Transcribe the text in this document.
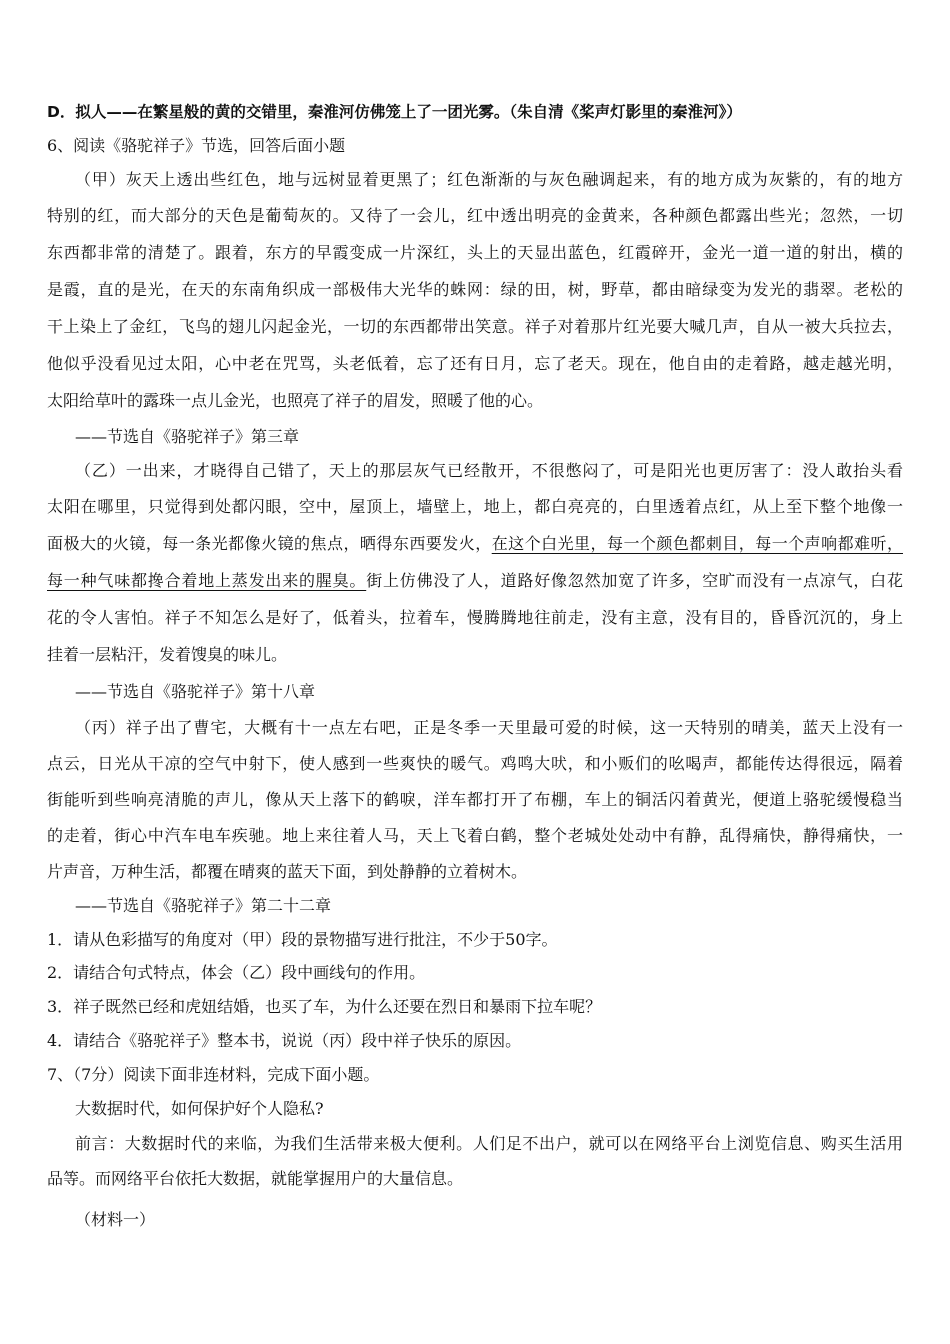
D．拟人——在繁星般的黄的交错里，秦淮河仿佛笼上了一团光雾。（朱自清《桨声灯影里的秦淮河》）
6、阅读《骆驼祥子》节选，回答后面小题
（甲）灰天上透出些红色，地与远树显着更黑了；红色渐渐的与灰色融调起来，有的地方成为灰紫的，有的地方
特别的红，而大部分的天色是葡萄灰的。又待了一会儿，红中透出明亮的金黄来，各种颜色都露出些光；忽然，一切
东西都非常的清楚了。跟着，东方的早霞变成一片深红，头上的天显出蓝色，红霞碎开，金光一道一道的射出，横的
是霞，直的是光，在天的东南角织成一部极伟大光华的蛛网：绿的田，树，野草，都由暗绿变为发光的翡翠。老松的
干上染上了金红，飞鸟的翅儿闪起金光，一切的东西都带出笑意。祥子对着那片红光要大喊几声，自从一被大兵拉去，
他似乎没看见过太阳，心中老在咒骂，头老低着，忘了还有日月，忘了老天。现在，他自由的走着路，越走越光明，
太阳给草叶的露珠一点儿金光，也照亮了祥子的眉发，照暖了他的心。
——节选自《骆驼祥子》第三章
（乙）一出来，才晓得自己错了，天上的那层灰气已经散开，不很憋闷了，可是阳光也更厉害了：没人敢抬头看
太阳在哪里，只觉得到处都闪眼，空中，屋顶上，墙壁上，地上，都白亮亮的，白里透着点红，从上至下整个地像一
面极大的火镜，每一条光都像火镜的焦点，晒得东西要发火，在这个白光里，每一个颜色都刺目，每一个声响都难听，
每一种气味都搀合着地上蒸发出来的腥臭。街上仿佛没了人，道路好像忽然加宽了许多，空旷而没有一点凉气，白花
花的令人害怕。祥子不知怎么是好了，低着头，拉着车，慢腾腾地往前走，没有主意，没有目的，昏昏沉沉的，身上
挂着一层粘汗，发着馊臭的味儿。
——节选自《骆驼祥子》第十八章
（丙）祥子出了曹宅，大概有十一点左右吧，正是冬季一天里最可爱的时候，这一天特别的晴美，蓝天上没有一
点云，日光从干凉的空气中射下，使人感到一些爽快的暖气。鸡鸣大吠，和小贩们的吆喝声，都能传达得很远，隔着
街能听到些响亮清脆的声儿，像从天上落下的鹤唳，洋车都打开了布棚，车上的铜活闪着黄光，便道上骆驼缓慢稳当
的走着，街心中汽车电车疾驰。地上来往着人马，天上飞着白鹤，整个老城处处动中有静，乱得痛快，静得痛快，一
片声音，万种生活，都覆在晴爽的蓝天下面，到处静静的立着树木。
——节选自《骆驼祥子》第二十二章
1．请从色彩描写的角度对（甲）段的景物描写进行批注，不少于50字。
2．请结合句式特点，体会（乙）段中画线句的作用。
3．祥子既然已经和虎妞结婚，也买了车，为什么还要在烈日和暴雨下拉车呢？
4．请结合《骆驼祥子》整本书，说说（丙）段中祥子快乐的原因。
7、（7分）阅读下面非连材料，完成下面小题。
大数据时代，如何保护好个人隐私?
前言：大数据时代的来临，为我们生活带来极大便利。人们足不出户，就可以在网络平台上浏览信息、购买生活用
品等。而网络平台依托大数据，就能掌握用户的大量信息。
（材料一）
